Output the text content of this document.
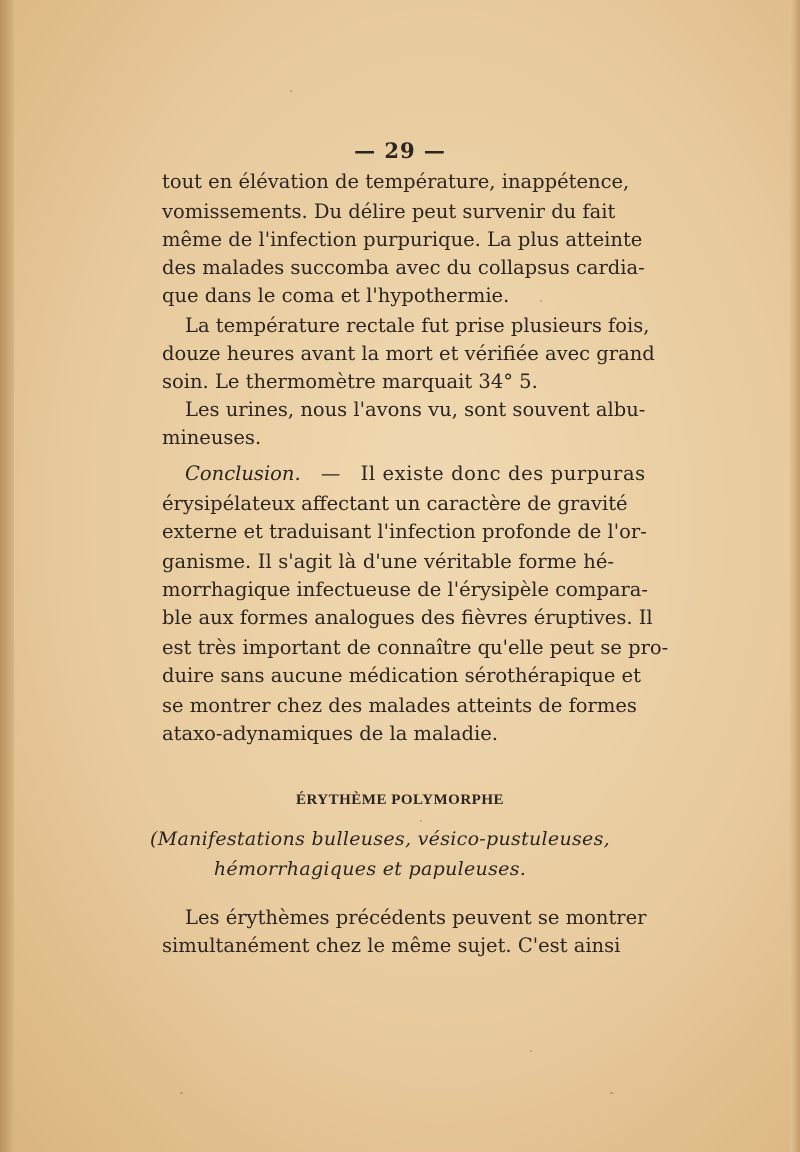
— 29 —
tout en élévation de température, inappétence,
vomissements. Du délire peut survenir du fait
même de l'infection purpurique. La plus atteinte
des malades succomba avec du collapsus cardia-
que dans le coma et l'hypothermie.
La température rectale fut prise plusieurs fois,
douze heures avant la mort et vérifiée avec grand
soin. Le thermomètre marquait 34° 5.
Les urines, nous l'avons vu, sont souvent albu-
mineuses.
Conclusion. — Il existe donc des purpuras
érysipélateux affectant un caractère de gravité
externe et traduisant l'infection profonde de l'or-
ganisme. Il s'agit là d'une véritable forme hé-
morrhagique infectueuse de l'érysipèle compara-
ble aux formes analogues des fièvres éruptives. Il
est très important de connaître qu'elle peut se pro-
duire sans aucune médication sérothérapique et
se montrer chez des malades atteints de formes
ataxo-adynamiques de la maladie.
ÉRYTHÈME POLYMORPHE
(Manifestations bulleuses, vésico-pustuleuses,
hémorrhagiques et papuleuses.
Les érythèmes précédents peuvent se montrer
simultanément chez le même sujet. C'est ainsi
